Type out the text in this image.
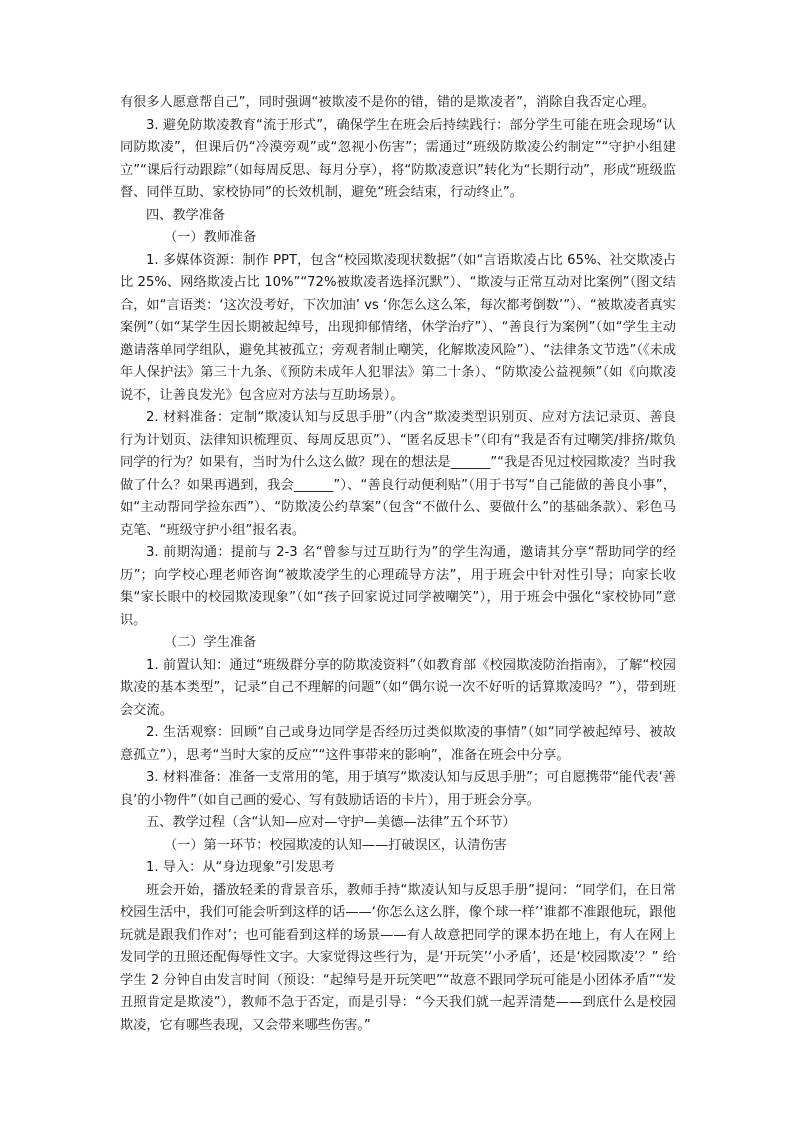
有很多人愿意帮自己”，同时强调“被欺凌不是你的错，错的是欺凌者”，消除自我否定心理。

3. 避免防欺凌教育“流于形式”，确保学生在班会后持续践行：部分学生可能在班会现场“认同防欺凌”，但课后仍“冷漠旁观”或“忽视小伤害”；需通过“班级防欺凌公约制定”“守护小组建立”“课后行动跟踪”（如每周反思、每月分享），将“防欺凌意识”转化为“长期行动”，形成“班级监督、同伴互助、家校协同”的长效机制，避免“班会结束，行动终止”。

四、教学准备

（一）教师准备

1. 多媒体资源：制作 PPT，包含“校园欺凌现状数据”（如“言语欺凌占比 65%、社交欺凌占比 25%、网络欺凌占比 10%”“72%被欺凌者选择沉默”）、“欺凌与正常互动对比案例”（图文结合，如“言语类：‘这次没考好，下次加油’ vs ‘你怎么这么笨，每次都考倒数’”）、“被欺凌者真实案例”（如“某学生因长期被起绰号，出现抑郁情绪，休学治疗”）、“善良行为案例”（如“学生主动邀请落单同学组队，避免其被孤立；旁观者制止嘲笑，化解欺凌风险”）、“法律条文节选”（《未成年人保护法》第三十九条、《预防未成年人犯罪法》第二十条）、“防欺凌公益视频”（如《向欺凌说不，让善良发光》包含应对方法与互助场景）。

2. 材料准备：定制“欺凌认知与反思手册”（内含“欺凌类型识别页、应对方法记录页、善良行为计划页、法律知识梳理页、每周反思页”）、“匿名反思卡”（印有“我是否有过嘲笑/排挤/欺负同学的行为？如果有，当时为什么这么做？现在的想法是______”“我是否见过校园欺凌？当时我做了什么？如果再遇到，我会______”）、“善良行动便利贴”（用于书写“自己能做的善良小事”，如“主动帮同学捡东西”）、“防欺凌公约草案”（包含“不做什么、要做什么”的基础条款）、彩色马克笔、“班级守护小组”报名表。

3. 前期沟通：提前与 2-3 名“曾参与过互助行为”的学生沟通，邀请其分享“帮助同学的经历”；向学校心理老师咨询“被欺凌学生的心理疏导方法”，用于班会中针对性引导；向家长收集“家长眼中的校园欺凌现象”（如“孩子回家说过同学被嘲笑”），用于班会中强化“家校协同”意识。

（二）学生准备

1. 前置认知：通过“班级群分享的防欺凌资料”（如教育部《校园欺凌防治指南》，了解“校园欺凌的基本类型”，记录“自己不理解的问题”（如“偶尔说一次不好听的话算欺凌吗？”），带到班会交流。

2. 生活观察：回顾“自己或身边同学是否经历过类似欺凌的事情”（如“同学被起绰号、被故意孤立”），思考“当时大家的反应”“这件事带来的影响”，准备在班会中分享。

3. 材料准备：准备一支常用的笔，用于填写“欺凌认知与反思手册”；可自愿携带“能代表‘善良’的小物件”（如自己画的爱心、写有鼓励话语的卡片），用于班会分享。

五、教学过程（含“认知—应对—守护—美德—法律”五个环节）

（一）第一环节：校园欺凌的认知——打破误区，认清伤害

1. 导入：从“身边现象”引发思考

班会开始，播放轻柔的背景音乐，教师手持“欺凌认知与反思手册”提问：“同学们，在日常校园生活中，我们可能会听到这样的话——‘你怎么这么胖，像个球一样’‘谁都不准跟他玩，跟他玩就是跟我们作对’；也可能看到这样的场景——有人故意把同学的课本扔在地上，有人在网上发同学的丑照还配侮辱性文字。大家觉得这些行为，是‘开玩笑’‘小矛盾’，还是‘校园欺凌’？” 给学生 2 分钟自由发言时间（预设：“起绰号是开玩笑吧”“故意不跟同学玩可能是小团体矛盾”“发丑照肯定是欺凌”），教师不急于否定，而是引导：“今天我们就一起弄清楚——到底什么是校园欺凌，它有哪些表现，又会带来哪些伤害。”
